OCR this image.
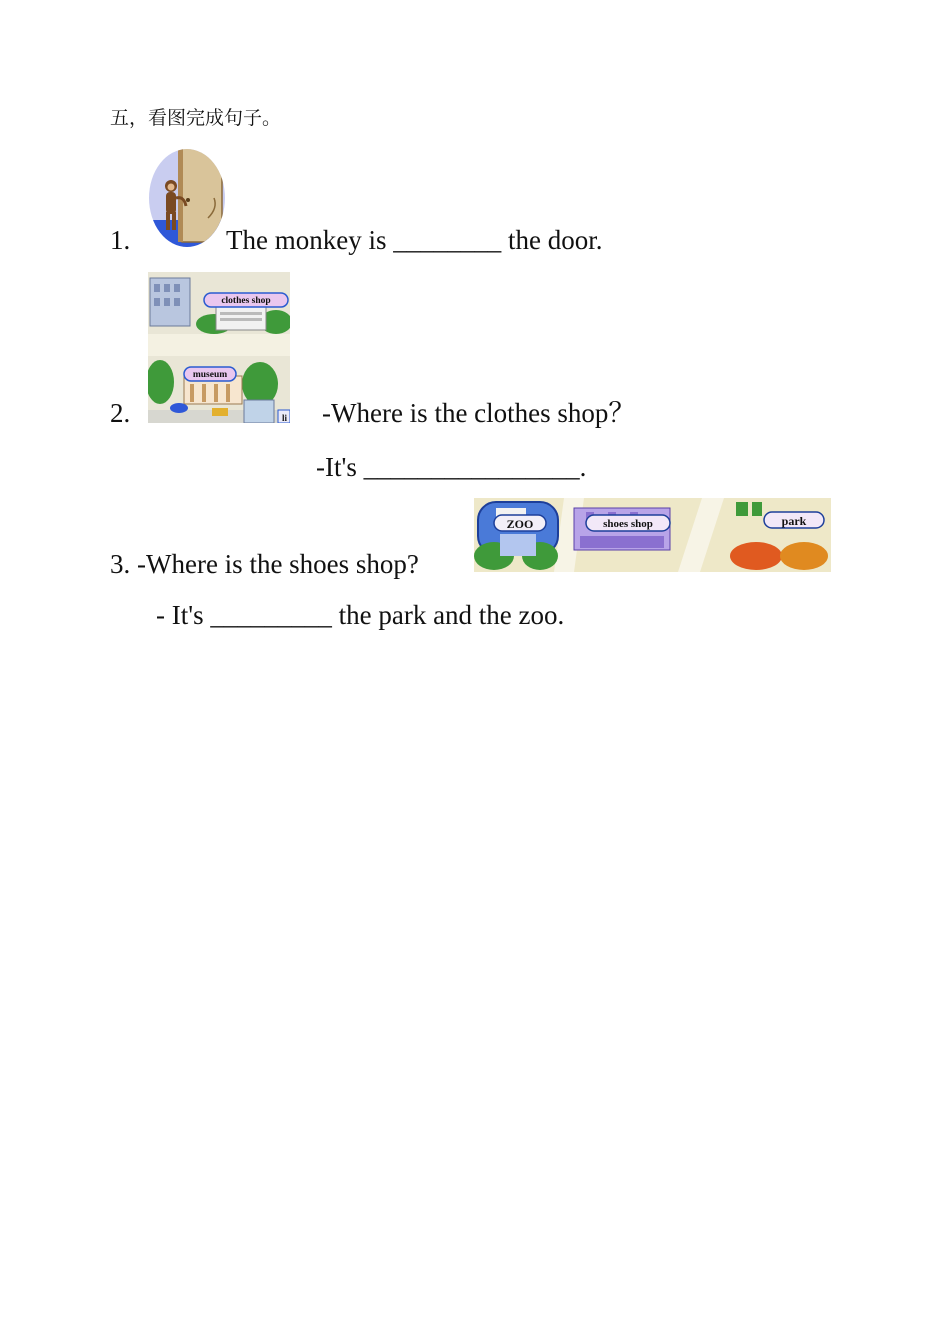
五，看图完成句子。
1.	The monkey is ________ the door.
clothes shop
museum
li
2.	-Where is the clothes shop？
-It's ________________.
ZOO	shoes shop	park
3. -Where is the shoes shop?
- It's _________ the park and the zoo.
